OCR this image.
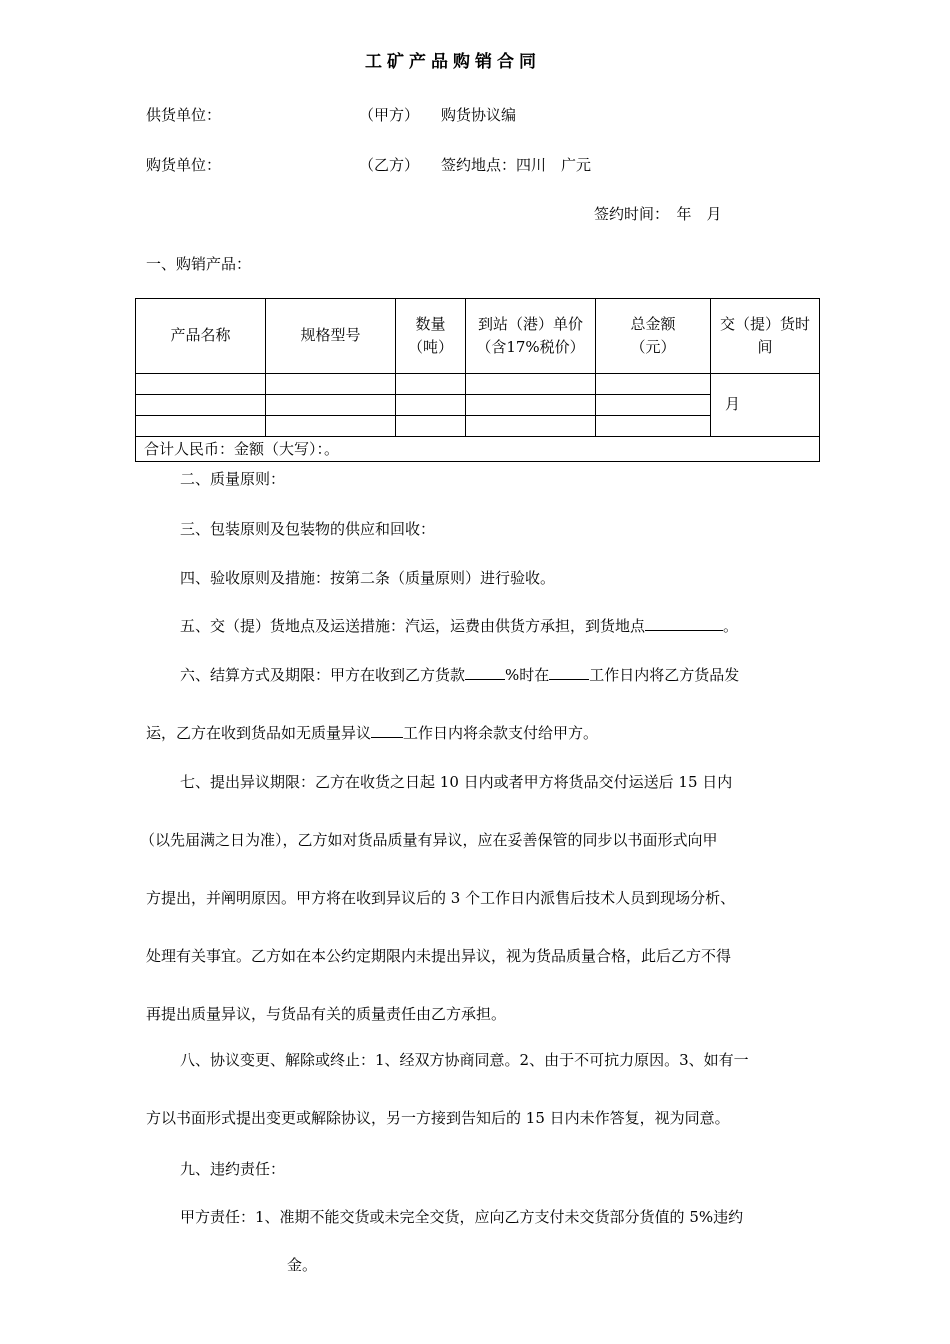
工矿产品购销合同
供货单位：	（甲方） 购货协议编
购货单位：	（乙方） 签约地点：四川　广元
签约时间：　年　月
一、购销产品：
产品名称	规格型号	数量（吨）	到站（港）单价（含17%税价）	总金额（元）	交（提）货时间
					月

合计人民币：金额（大写）：。					
二、质量原则：
三、包装原则及包装物的供应和回收：
四、验收原则及措施：按第二条（质量原则）进行验收。
五、交（提）货地点及运送措施：汽运，运费由供货方承担，到货地点	。
六、结算方式及期限：甲方在收到乙方货款	%时在	工作日内将乙方货品发
运，乙方在收到货品如无质量异议 工作日内将余款支付给甲方。
七、提出异议期限：乙方在收货之日起 10 日内或者甲方将货品交付运送后 15 日内
（以先届满之日为准），乙方如对货品质量有异议，应在妥善保管的同步以书面形式向甲
方提出，并阐明原因。甲方将在收到异议后的 3 个工作日内派售后技术人员到现场分析、
处理有关事宜。乙方如在本公约定期限内未提出异议，视为货品质量合格，此后乙方不得
再提出质量异议，与货品有关的质量责任由乙方承担。
八、协议变更、解除或终止：1、经双方协商同意。2、由于不可抗力原因。3、如有一
方以书面形式提出变更或解除协议，另一方接到告知后的 15 日内未作答复，视为同意。
九、违约责任：
甲方责任：1、准期不能交货或未完全交货，应向乙方支付未交货部分货值的 5%违约
金。
